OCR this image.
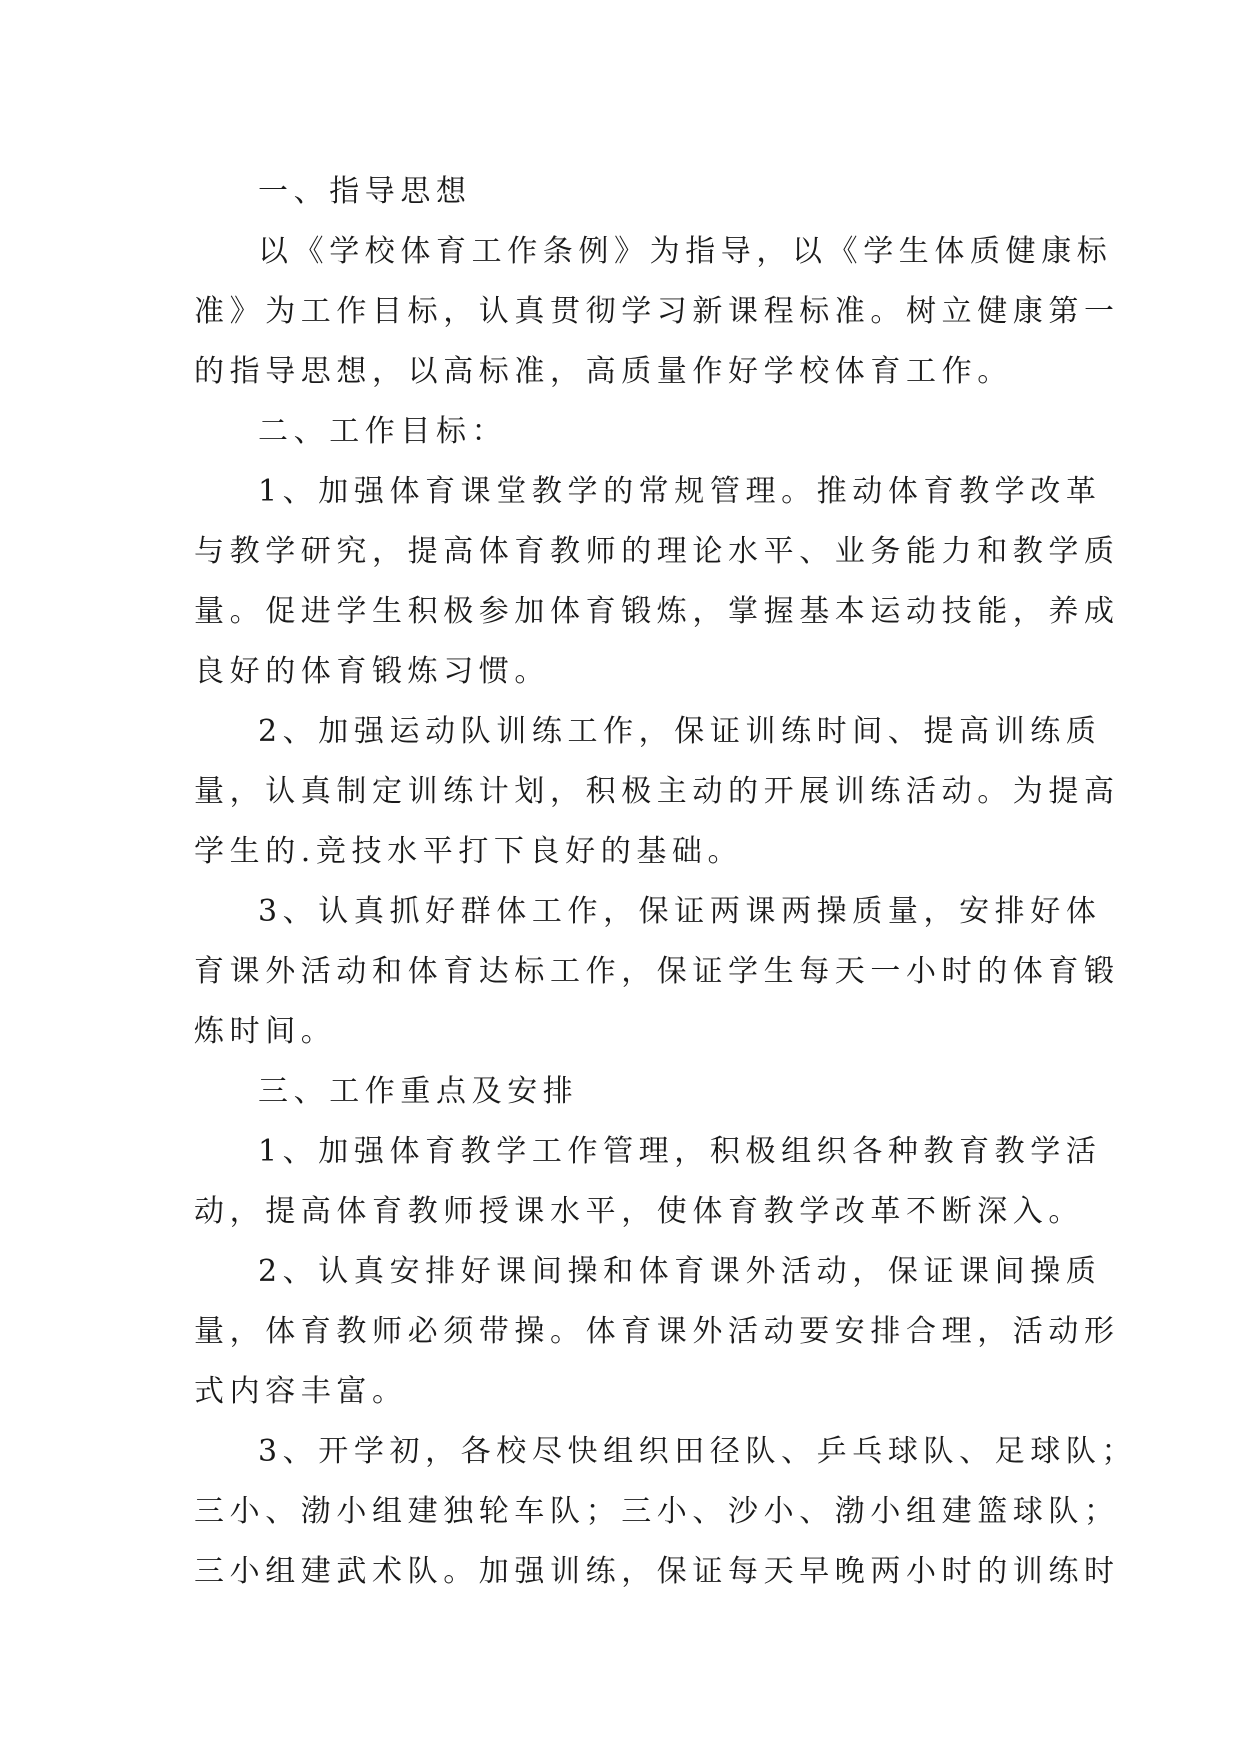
一、指导思想
以《学校体育工作条例》为指导，以《学生体质健康标
准》为工作目标，认真贯彻学习新课程标准。树立健康第一
的指导思想，以高标准，高质量作好学校体育工作。
二、工作目标：
1、加强体育课堂教学的常规管理。推动体育教学改革
与教学研究，提高体育教师的理论水平、业务能力和教学质
量。促进学生积极参加体育锻炼，掌握基本运动技能，养成
良好的体育锻炼习惯。
2、加强运动队训练工作，保证训练时间、提高训练质
量，认真制定训练计划，积极主动的开展训练活动。为提高
学生的.竞技水平打下良好的基础。
3、认真抓好群体工作，保证两课两操质量，安排好体
育课外活动和体育达标工作，保证学生每天一小时的体育锻
炼时间。
三、工作重点及安排
1、加强体育教学工作管理，积极组织各种教育教学活
动，提高体育教师授课水平，使体育教学改革不断深入。
2、认真安排好课间操和体育课外活动，保证课间操质
量，体育教师必须带操。体育课外活动要安排合理，活动形
式内容丰富。
3、开学初，各校尽快组织田径队、乒乓球队、足球队；
三小、渤小组建独轮车队；三小、沙小、渤小组建篮球队；
三小组建武术队。加强训练，保证每天早晚两小时的训练时
